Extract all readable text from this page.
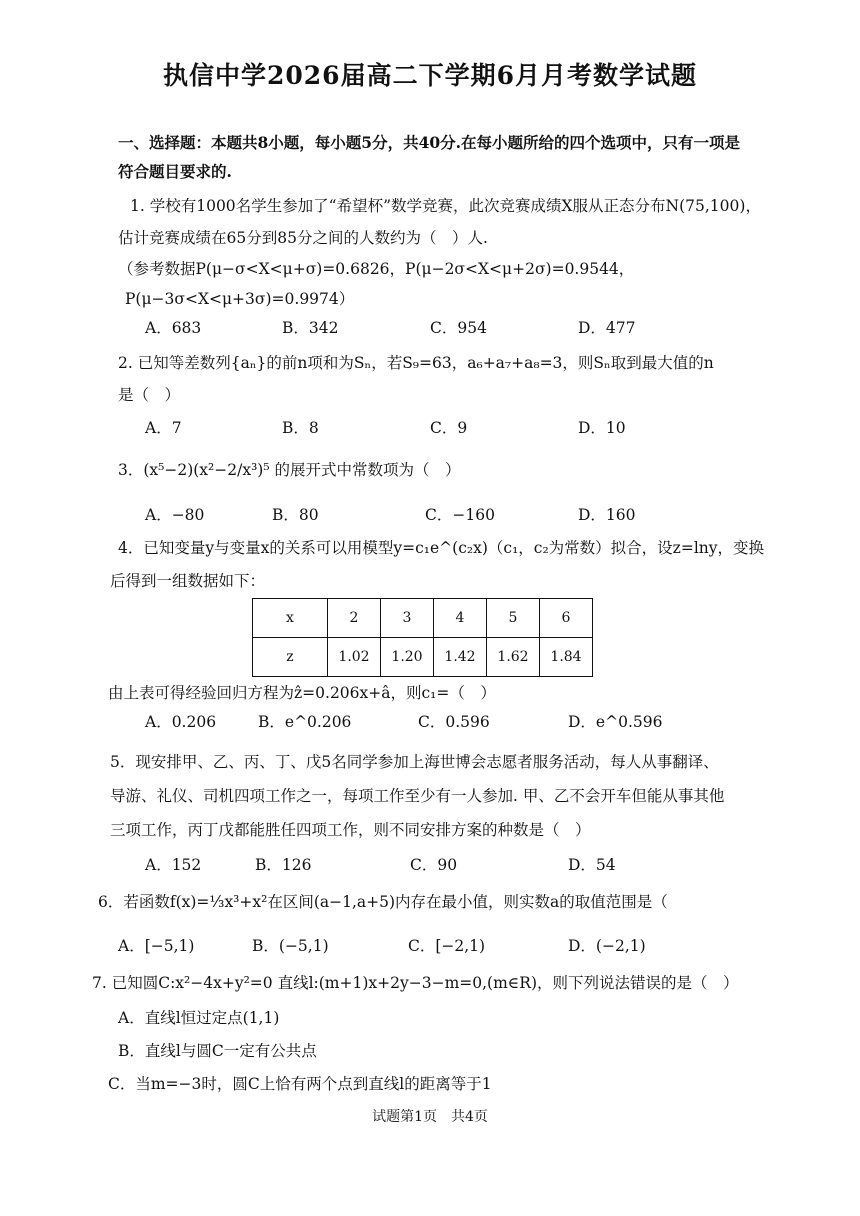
执信中学2026届高二下学期6月月考数学试题
一、选择题：本题共8小题，每小题5分，共40分.在每小题所给的四个选项中，只有一项是符合题目要求的.
1. 学校有1000名学生参加了“希望杯”数学竞赛，此次竞赛成绩X服从正态分布N(75,100)，
估计竞赛成绩在65分到85分之间的人数约为（　）人.
（参考数据P(μ−σ<X<μ+σ)=0.6826，P(μ−2σ<X<μ+2σ)=0.9544，
P(μ−3σ<X<μ+3σ)=0.9974）
A．683	B．342	C．954	D．477
2. 已知等差数列{aₙ}的前n项和为Sₙ，若S₉=63，a₆+a₇+a₈=3，则Sₙ取到最大值的n
是（　）
A．7	B．8	C．9	D．10
3．(x⁵−2)(x²−2/x³)⁵ 的展开式中常数项为（　）
A．−80	B．80	C．−160	D．160
4．已知变量y与变量x的关系可以用模型y=c₁e^(c₂x)（c₁，c₂为常数）拟合，设z=lny，变换
后得到一组数据如下：
x	2	3	4	5	6
z	1.02	1.20	1.42	1.62	1.84
由上表可得经验回归方程为ẑ=0.206x+â，则c₁=（　）
A．0.206	B．e^0.206	C．0.596	D．e^0.596
5．现安排甲、乙、丙、丁、戊5名同学参加上海世博会志愿者服务活动，每人从事翻译、
导游、礼仪、司机四项工作之一，每项工作至少有一人参加. 甲、乙不会开车但能从事其他
三项工作，丙丁戊都能胜任四项工作，则不同安排方案的种数是（　）
A．152	B．126	C．90	D．54
6．若函数f(x)=⅓x³+x²在区间(a−1,a+5)内存在最小值，则实数a的取值范围是（
A．[−5,1)	B．(−5,1)	C．[−2,1)	D．(−2,1)
7. 已知圆C:x²−4x+y²=0 直线l:(m+1)x+2y−3−m=0,(m∈R)，则下列说法错误的是（　）
A．直线l恒过定点(1,1)
B．直线l与圆C一定有公共点
C．当m=−3时，圆C上恰有两个点到直线l的距离等于1
试题第1页　共4页
